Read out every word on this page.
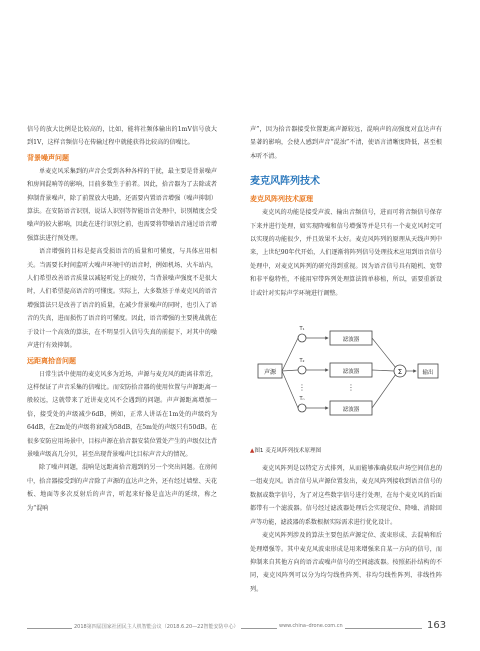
信号的放大比例是比较高的，比如，能将社频体输出的1mV信号放大到1V，这样音频信号在传输过程中就能获得比较高的信噪比。

背景噪声问题

单麦克风采集到的声音会受到各种各样的干扰，最主要是背景噪声和房间混响等的影响，目前多数生于前者。因此，拾音器为了去除或者抑制背景噪声，除了前置放大电路，还需要内置语音增强（噪声抑制）算法。在安防语音识别，说话人识别等智能语音处理中，识别精度会受噪声的较大影响，因此在进行识别之前，也需要将带噪语音通过语音增强算法进行预处理。

语音增强的目标是提高受损语音的质量和可懂度，与具体应用相关。当需要长时间监听大噪声环境中的语音时，例如机场、火车站内，人们希望改善语音质量以减轻听觉上的疲劳，当背景噪声强度不是很大时，人们希望提高语音的可懂度。实际上，大多数基于单麦克风的语音增强算法只是改善了语音的质量，在减少背景噪声的同时，也引入了语音的失真，进而损伤了语音的可懂度。因此，语音增强的主要挑战就在于设计一个高效的算法，在不明显引入信号失真的前提下，对其中的噪声进行有效抑制。

远距离拾音问题

日常生活中使用的麦克风多为近场，声源与麦克风的距离非常近，这样保证了声音采集的信噪比。而安防拾音器的使用位置与声源距离一般较远，这就带来了近讲麦克风不会遇到的问题。声声源距离增加一倍，接受处的声级减少6dB，例如，正常人讲话在1m处的声级约为64dB，在2m处的声级将衰减为58dB，在5m处的声级只有50dB。在很多安防应用场景中，目标声源在拾音器安装位置处产生的声级仅比背景噪声级高几分贝，甚至出现背景噪声比目标声音大的情况。

除了噪声问题，混响是远距离拾音遇到的另一个突出问题。在房间中，拾音器接受到的声音除了声源的直达声之外，还有经过墙壁、天花板、地面等多次反射后的声音，听起来好像是直达声的延续，称之为“混响

声”，因为拾音器接受位置距离声源较远，混响声的高强度对直达声有显著的影响，会使人感到声音“混浊”不清，使语言清晰度降低，甚至根本听不清。

麦克风阵列技术
麦克风阵列技术原理

麦克风的功能是接受声波、输出音频信号，进而可将音频信号保存下来并进行处理，如实现降噪和信号增强等并是只有一个麦克风时定可以实现的功能很少，并且效果不太好。麦克风阵列的原理从天线声列中来，上世纪90年代开始，人们逐渐将阵列信号处理技术应用到语音信号处理中，对麦克风阵列的研究得到重视。因为语音信号具有随机、宽带和非平稳特性，不能用窄带阵列处理算法简单移植，所以，需要重新设计或针对实际声学环境进行调整。

声源
T₁
T₂
Tₙ
滤波器
滤波器
滤波器
⋮	⋮
Σ	输出
▲图1 麦克风阵列技术原理图

麦克风阵列是以特定方式排列，从而能够准确获取声场空间信息的一组麦克风。语音信号从声源位置发出，麦克风阵列接收到语音信号的数据或数字信号，为了对这些数字信号进行处理，在每个麦克风的后面都带有一个滤波器。信号经过滤波器处理后会实现定位、降噪、消除回声等功能，滤波器的系数根据实际需求进行优化设计。

麦克风阵列涉及的算法主要包括声源定位、波束形成、去混响和后处理增强等。其中麦克风波束形成是用来增强来自某一方向的信号，而抑制来自其他方向的语音或噪声信号的空间滤波器。按照拓扑结构的不同，麦克风阵列可以分为均匀线性阵列、非均匀线性阵列、非线性阵列。

2018第四届国家社团民主人机智能会议（2018.6.20—22智能安防中心）	www.china–drone.com.cn	163
